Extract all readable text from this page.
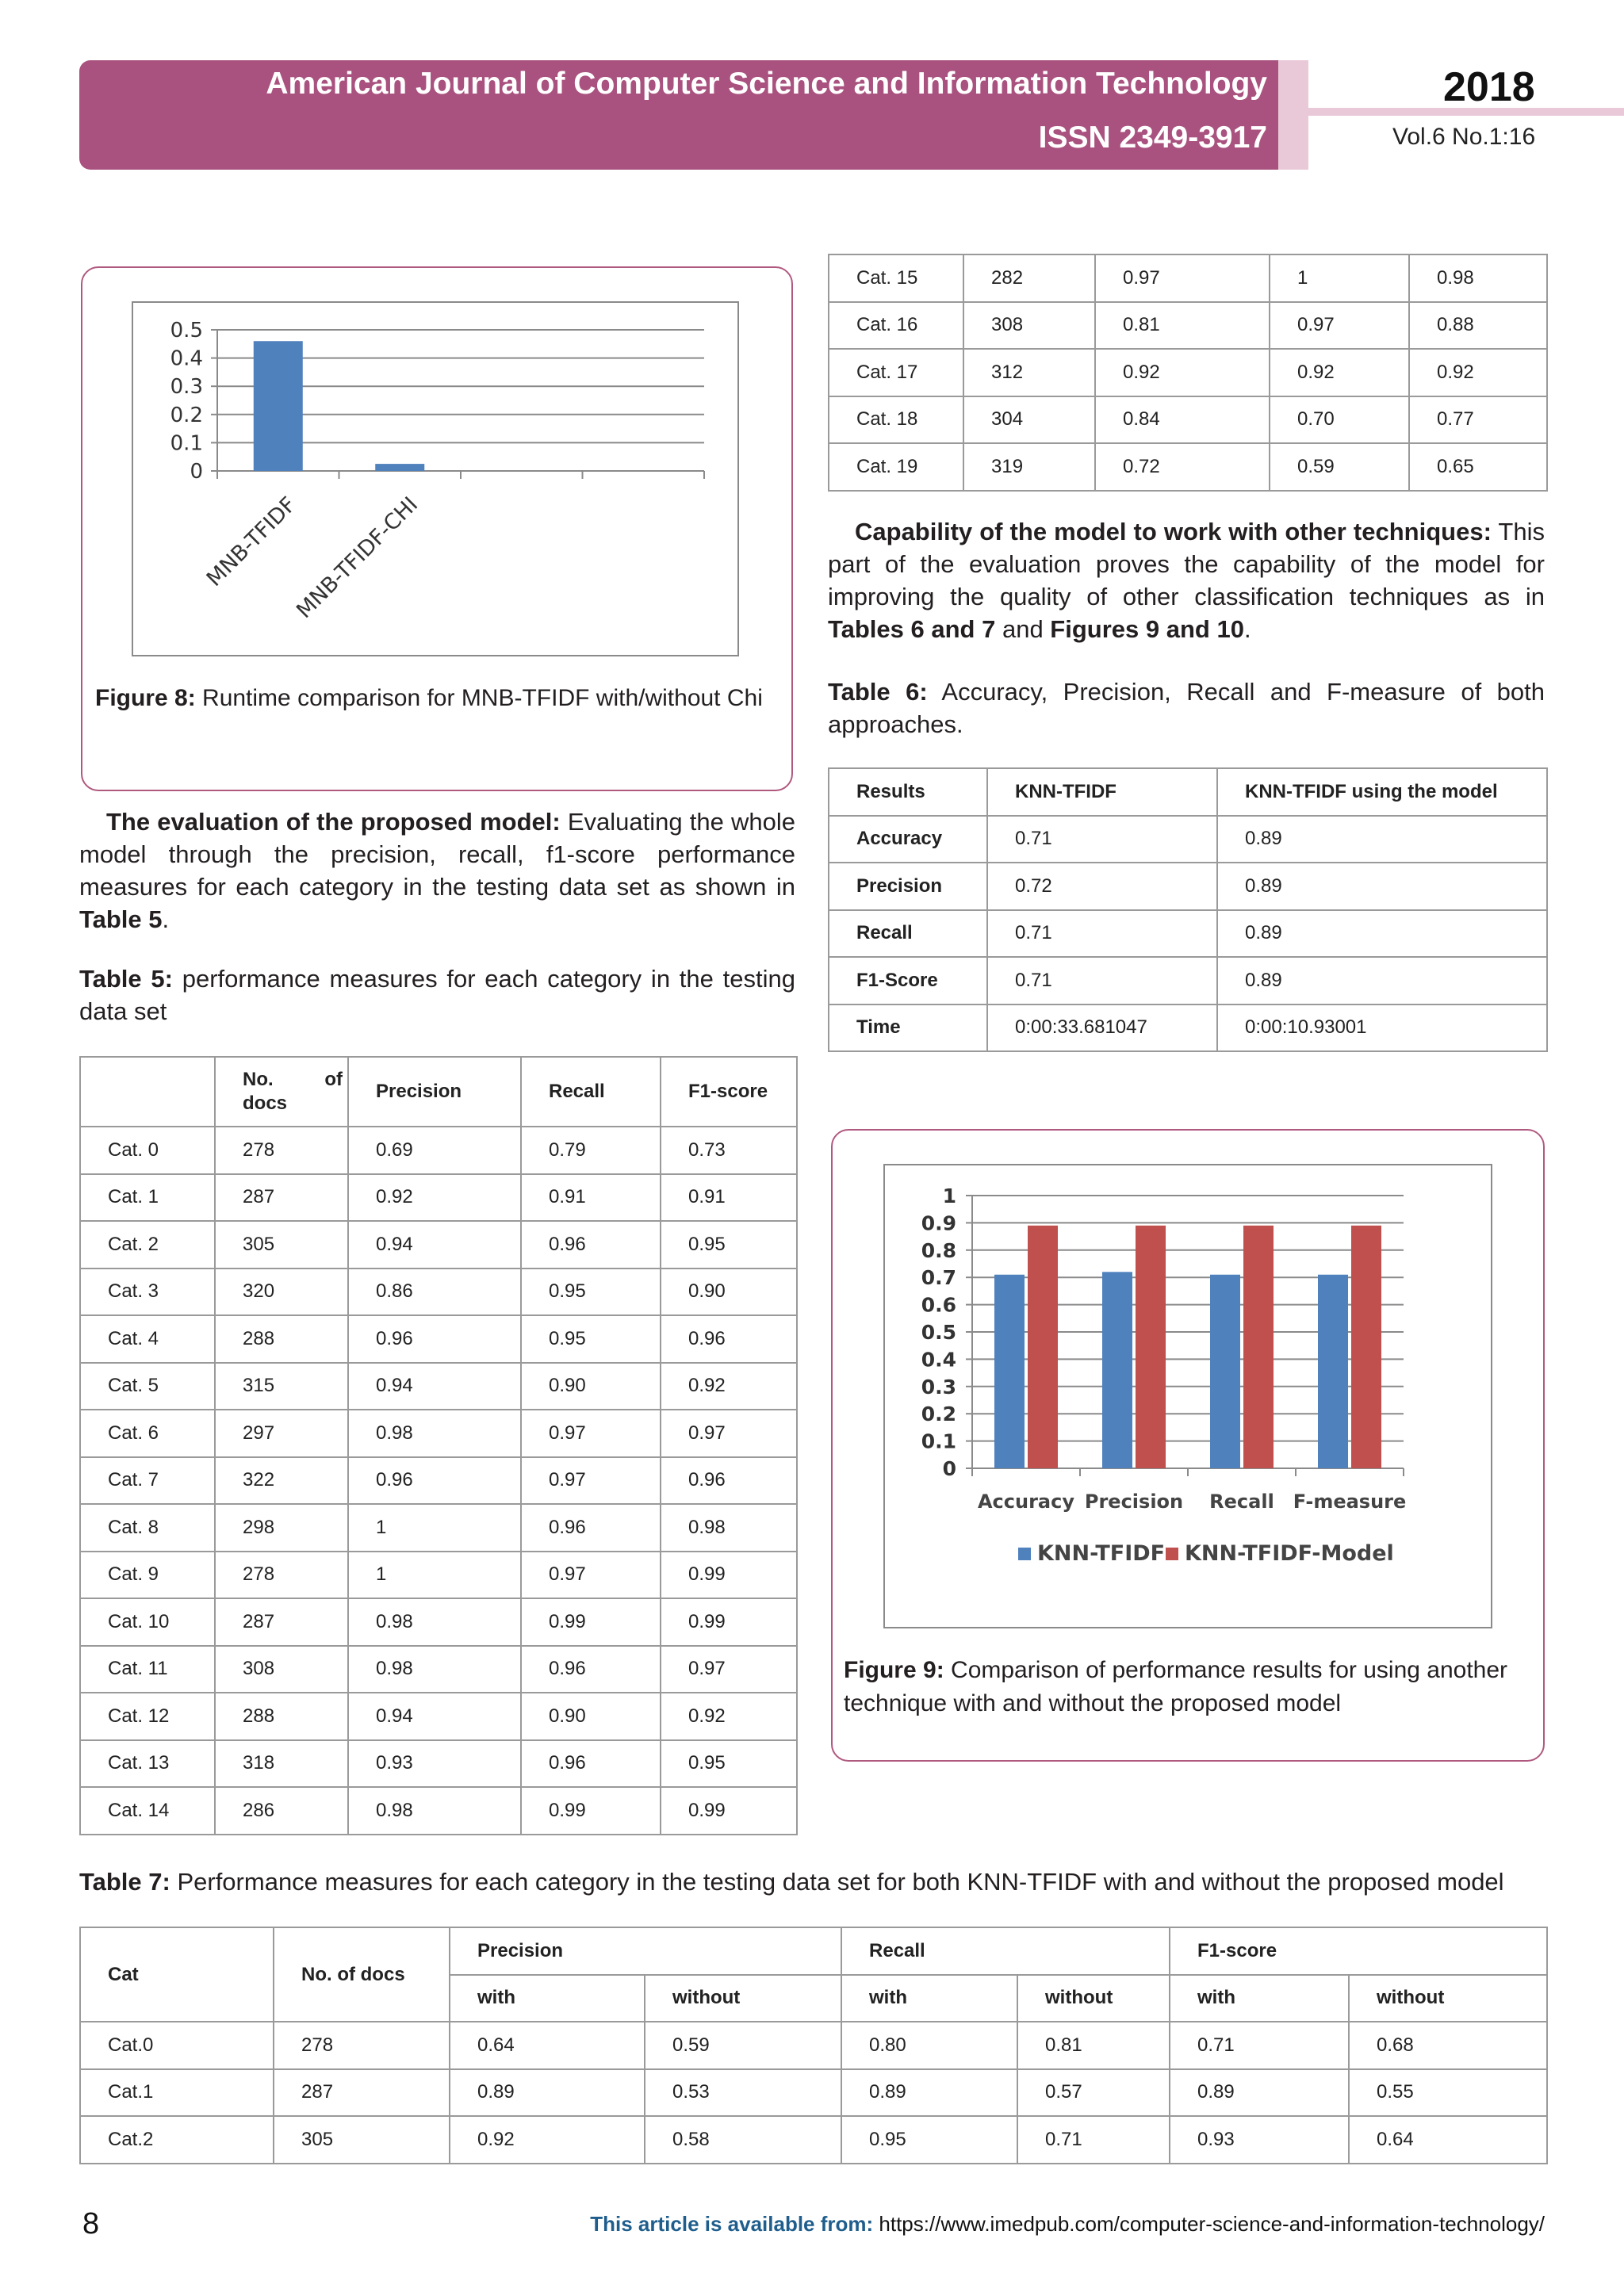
American Journal of Computer Science and Information Technology
ISSN 2349-3917
2018
Vol.6 No.1:16
0
0.1
0.2
0.3
0.4
0.5
MNB-TFIDF
MNB-TFIDF-CHI
Figure 8: Runtime comparison for MNB-TFIDF with/without Chi
The evaluation of the proposed model: Evaluating the whole model through the precision, recall, f1-score performance measures for each category in the testing data set as shown in Table 5.
Table 5: performance measures for each category in the testing data set
	No.        of docs	Precision	Recall	F1-score
Cat. 0	278	0.69	0.79	0.73
Cat. 1	287	0.92	0.91	0.91
Cat. 2	305	0.94	0.96	0.95
Cat. 3	320	0.86	0.95	0.90
Cat. 4	288	0.96	0.95	0.96
Cat. 5	315	0.94	0.90	0.92
Cat. 6	297	0.98	0.97	0.97
Cat. 7	322	0.96	0.97	0.96
Cat. 8	298	1	0.96	0.98
Cat. 9	278	1	0.97	0.99
Cat. 10	287	0.98	0.99	0.99
Cat. 11	308	0.98	0.96	0.97
Cat. 12	288	0.94	0.90	0.92
Cat. 13	318	0.93	0.96	0.95
Cat. 14	286	0.98	0.99	0.99
Cat. 15	282	0.97	1	0.98
Cat. 16	308	0.81	0.97	0.88
Cat. 17	312	0.92	0.92	0.92
Cat. 18	304	0.84	0.70	0.77
Cat. 19	319	0.72	0.59	0.65
Capability of the model to work with other techniques: This part of the evaluation proves the capability of the model for improving the quality of other classification techniques as in Tables 6 and 7 and Figures 9 and 10.
Table 6: Accuracy, Precision, Recall and F-measure of both approaches.
Results	KNN-TFIDF	KNN-TFIDF using the model
Accuracy	0.71	0.89
Precision	0.72	0.89
Recall	0.71	0.89
F1-Score	0.71	0.89
Time	0:00:33.681047	0:00:10.93001
0
0.1
0.2
0.3
0.4
0.5
0.6
0.7
0.8
0.9
1
Accuracy Precision Recall F-measure
KNN-TFIDF KNN-TFIDF-Model
Figure 9: Comparison of performance results for using another technique with and without the proposed model
Table 7: Performance measures for each category in the testing data set for both KNN-TFIDF with and without the proposed model
Cat	No. of docs	Precision		Recall		F1-score	
		with	without	with	without	with	without
Cat.0	278	0.64	0.59	0.80	0.81	0.71	0.68
Cat.1	287	0.89	0.53	0.89	0.57	0.89	0.55
Cat.2	305	0.92	0.58	0.95	0.71	0.93	0.64
8	This article is available from: https://www.imedpub.com/computer-science-and-information-technology/
